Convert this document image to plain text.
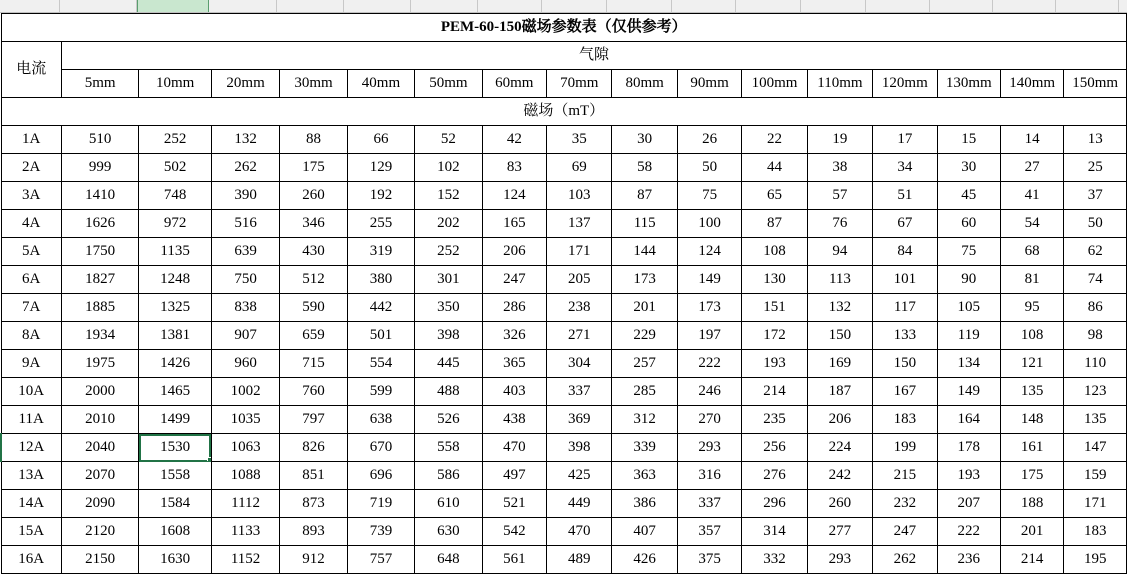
PEM-60-150磁场参数表（仅供参考）																
电流	气隙															
	5mm	10mm	20mm	30mm	40mm	50mm	60mm	70mm	80mm	90mm	100mm	110mm	120mm	130mm	140mm	150mm
磁场（mT）																
1A	510	252	132	88	66	52	42	35	30	26	22	19	17	15	14	13
2A	999	502	262	175	129	102	83	69	58	50	44	38	34	30	27	25
3A	1410	748	390	260	192	152	124	103	87	75	65	57	51	45	41	37
4A	1626	972	516	346	255	202	165	137	115	100	87	76	67	60	54	50
5A	1750	1135	639	430	319	252	206	171	144	124	108	94	84	75	68	62
6A	1827	1248	750	512	380	301	247	205	173	149	130	113	101	90	81	74
7A	1885	1325	838	590	442	350	286	238	201	173	151	132	117	105	95	86
8A	1934	1381	907	659	501	398	326	271	229	197	172	150	133	119	108	98
9A	1975	1426	960	715	554	445	365	304	257	222	193	169	150	134	121	110
10A	2000	1465	1002	760	599	488	403	337	285	246	214	187	167	149	135	123
11A	2010	1499	1035	797	638	526	438	369	312	270	235	206	183	164	148	135
12A	2040	1530	1063	826	670	558	470	398	339	293	256	224	199	178	161	147
13A	2070	1558	1088	851	696	586	497	425	363	316	276	242	215	193	175	159
14A	2090	1584	1112	873	719	610	521	449	386	337	296	260	232	207	188	171
15A	2120	1608	1133	893	739	630	542	470	407	357	314	277	247	222	201	183
16A	2150	1630	1152	912	757	648	561	489	426	375	332	293	262	236	214	195
